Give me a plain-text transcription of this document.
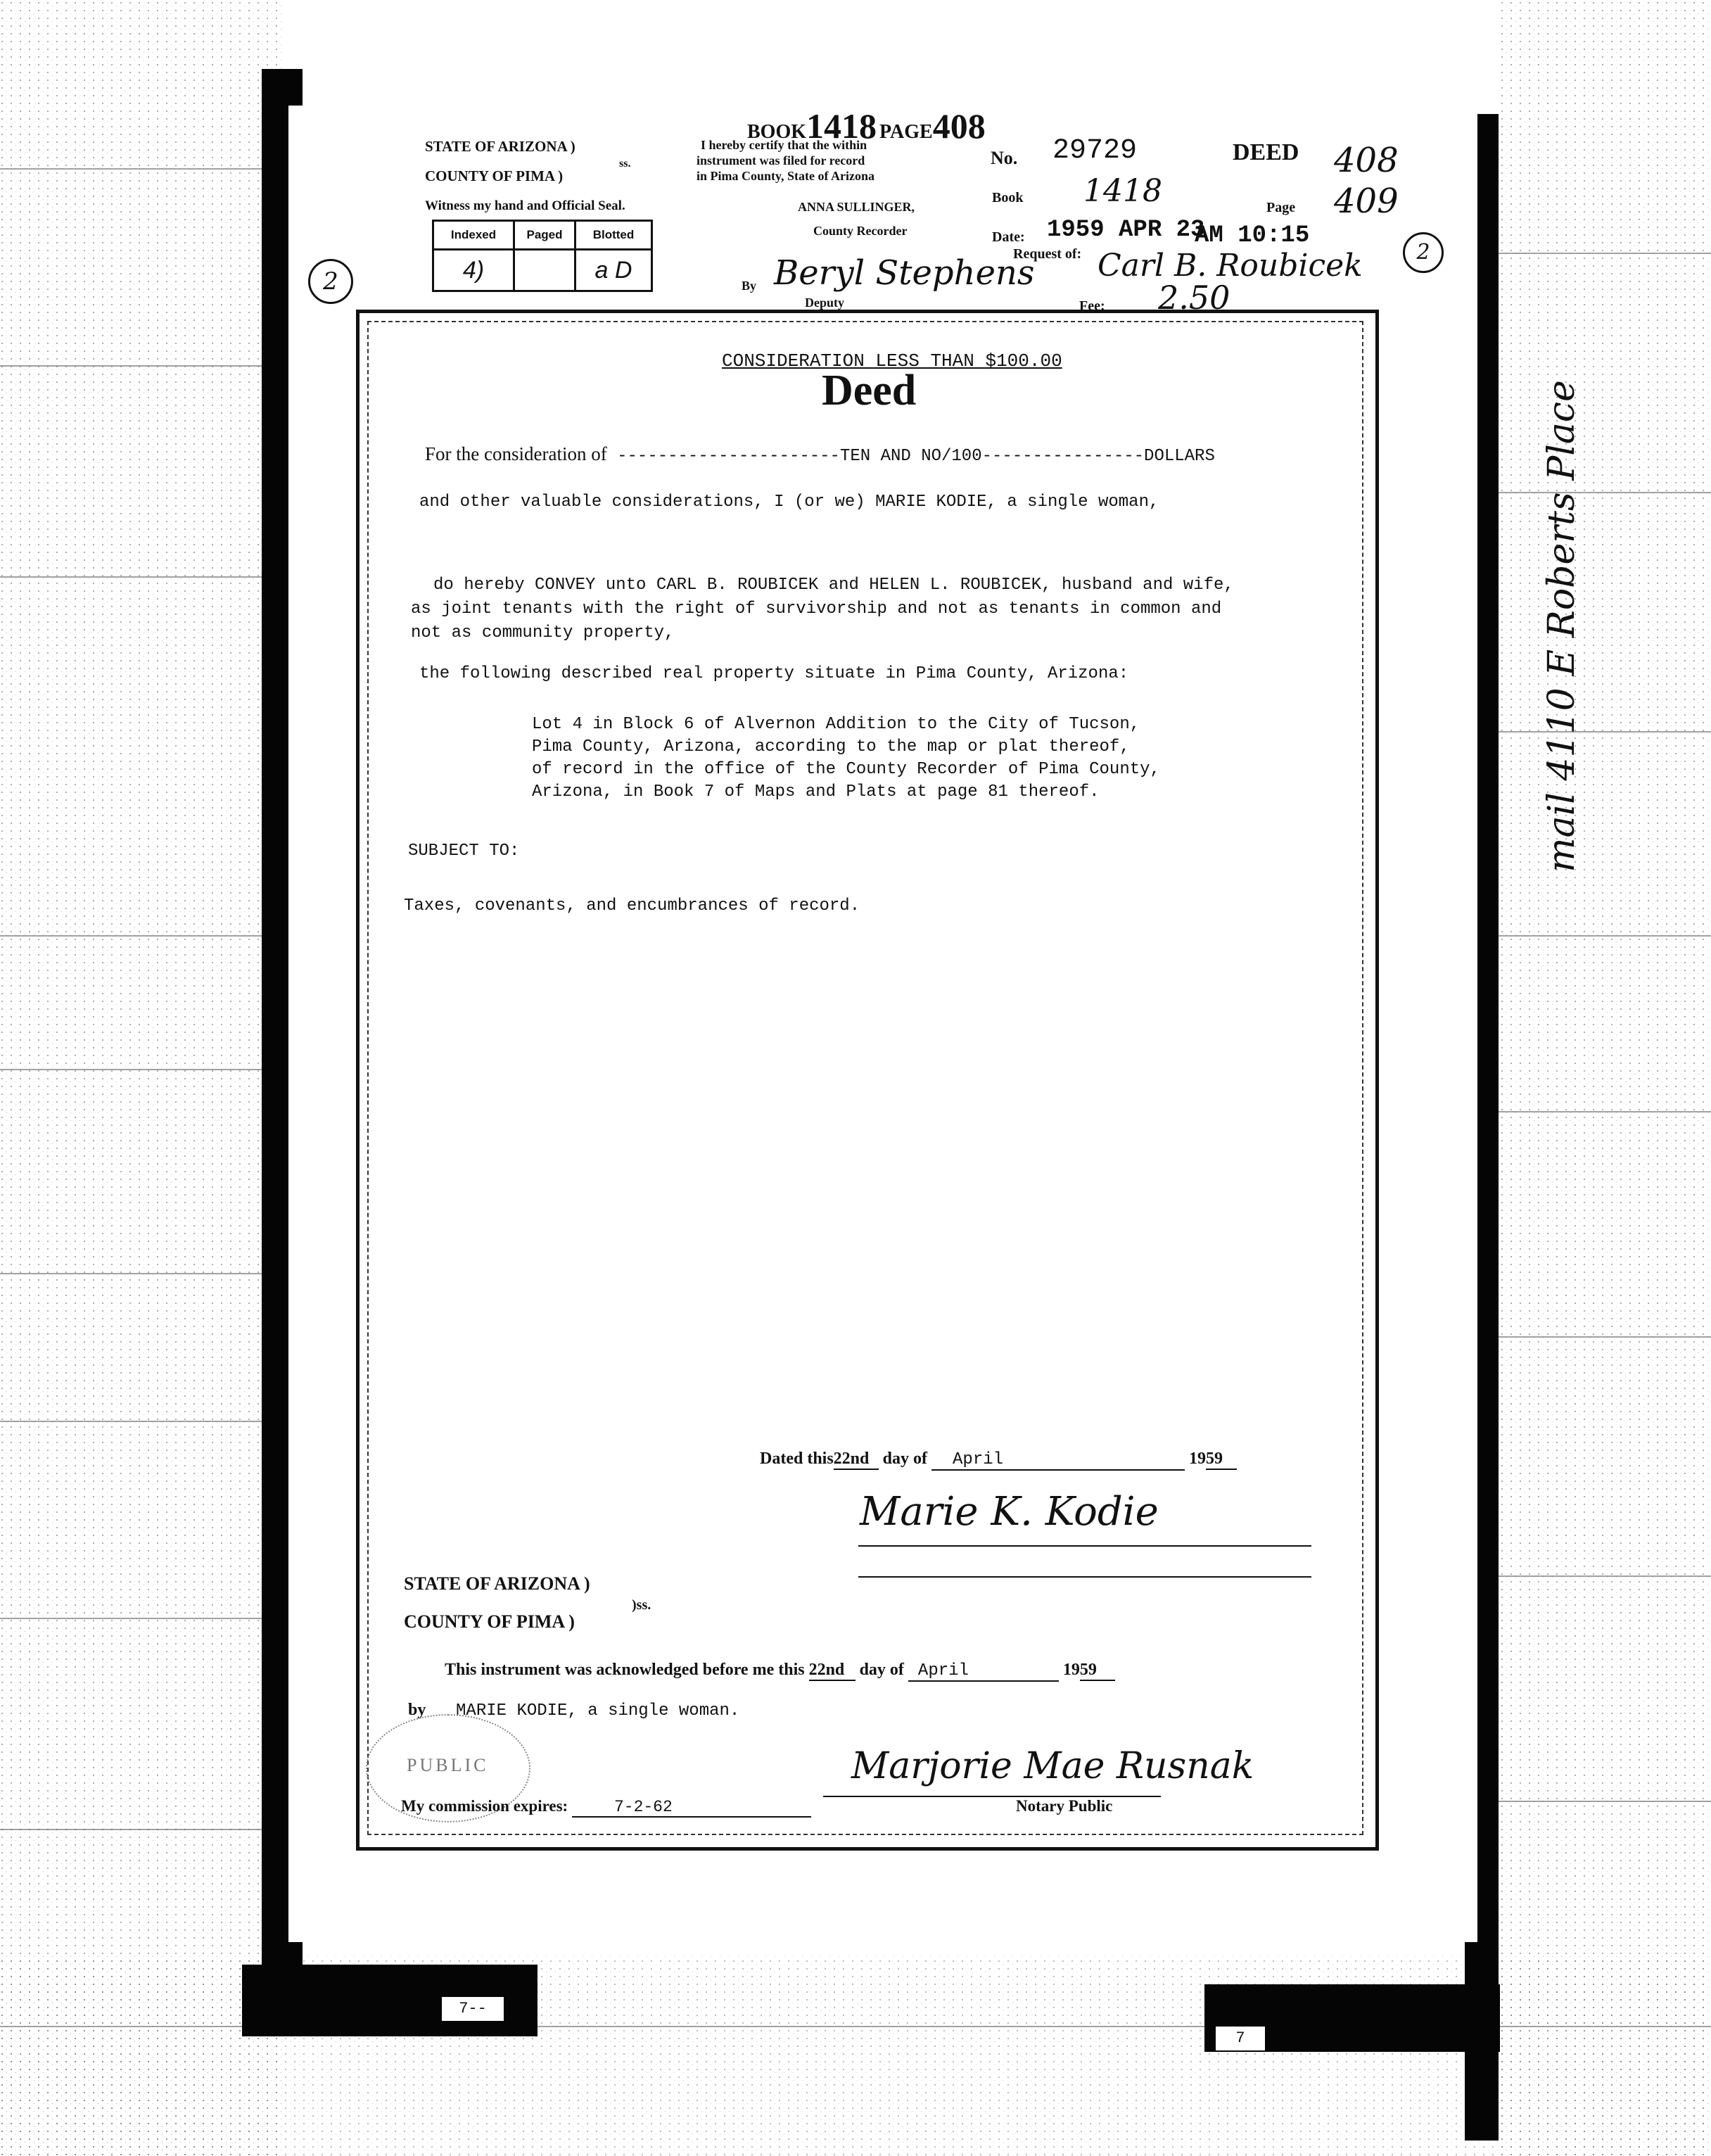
7--
7
BOOK1418 PAGE408
STATE OF ARIZONA )
ss.
COUNTY OF PIMA )
Witness my hand and Official Seal.
I hereby certify that the within
instrument was filed for record
in Pima County, State of Arizona
ANNA SULLINGER,
County Recorder
Indexed	Paged	Blotted
4)		a D
By Beryl Stephens
Deputy
No. 29729	DEED
Book 1418	Page
Date: 1959 APR 23
AM 10:15
Request of: Carl B. Roubicek
Fee: 2.50
408
409
2
2
mail 4110 E Roberts Place
CONSIDERATION LESS THAN $100.00
Deed
For the consideration of ----------------------TEN AND NO/100----------------DOLLARS
and other valuable considerations, I (or we) MARIE KODIE, a single woman,
do hereby CONVEY unto CARL B. ROUBICEK and HELEN L. ROUBICEK, husband and wife,
as joint tenants with the right of survivorship and not as tenants in common and
not as community property,
the following described real property situate in Pima County, Arizona:
Lot 4 in Block 6 of Alvernon Addition to the City of Tucson,
Pima County, Arizona, according to the map or plat thereof,
of record in the office of the County Recorder of Pima County,
Arizona, in Book 7 of Maps and Plats at page 81 thereof.
SUBJECT TO:
Taxes, covenants, and encumbrances of record.
Dated this22nd day of April	1959
Marie K. Kodie
STATE OF ARIZONA )
)ss.
COUNTY OF PIMA )
This instrument was acknowledged before me this 22nd day of April	1959
by MARIE KODIE, a single woman.
PUBLIC	Marjorie Mae Rusnak
My commission expires:	7-2-62	Notary Public
